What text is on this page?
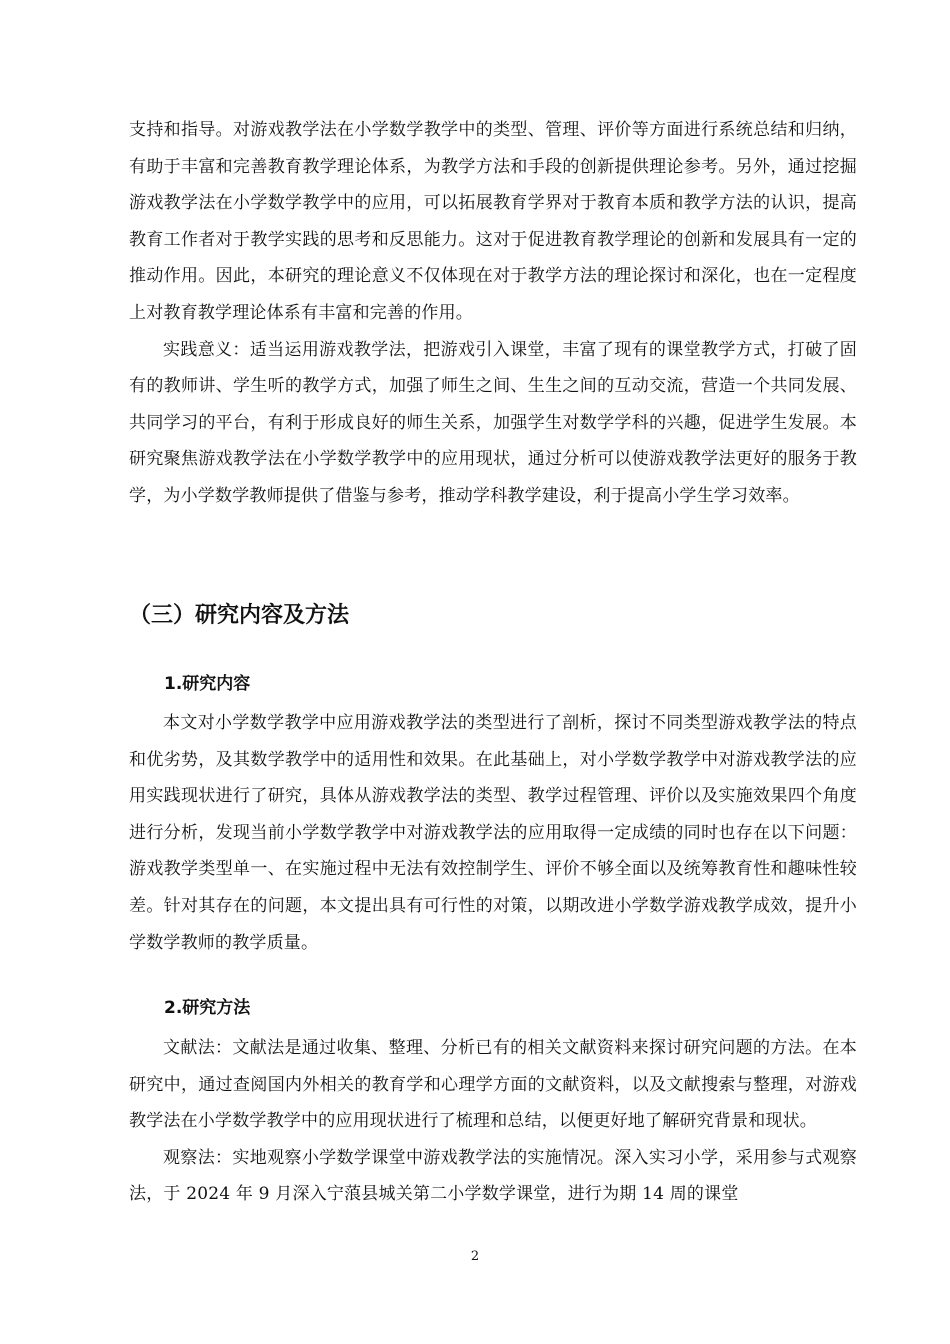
支持和指导。对游戏教学法在小学数学教学中的类型、管理、评价等方面进行系统总结和归纳，有助于丰富和完善教育教学理论体系，为教学方法和手段的创新提供理论参考。另外，通过挖掘游戏教学法在小学数学教学中的应用，可以拓展教育学界对于教育本质和教学方法的认识，提高教育工作者对于教学实践的思考和反思能力。这对于促进教育教学理论的创新和发展具有一定的推动作用。因此，本研究的理论意义不仅体现在对于教学方法的理论探讨和深化，也在一定程度上对教育教学理论体系有丰富和完善的作用。

实践意义：适当运用游戏教学法，把游戏引入课堂，丰富了现有的课堂教学方式，打破了固有的教师讲、学生听的教学方式，加强了师生之间、生生之间的互动交流，营造一个共同发展、共同学习的平台，有利于形成良好的师生关系，加强学生对数学学科的兴趣，促进学生发展。本研究聚焦游戏教学法在小学数学教学中的应用现状，通过分析可以使游戏教学法更好的服务于教学，为小学数学教师提供了借鉴与参考，推动学科教学建设，利于提高小学生学习效率。

（三）研究内容及方法
1.研究内容

本文对小学数学教学中应用游戏教学法的类型进行了剖析，探讨不同类型游戏教学法的特点和优劣势，及其数学教学中的适用性和效果。在此基础上，对小学数学教学中对游戏教学法的应用实践现状进行了研究，具体从游戏教学法的类型、教学过程管理、评价以及实施效果四个角度进行分析，发现当前小学数学教学中对游戏教学法的应用取得一定成绩的同时也存在以下问题：游戏教学类型单一、在实施过程中无法有效控制学生、评价不够全面以及统筹教育性和趣味性较差。针对其存在的问题，本文提出具有可行性的对策，以期改进小学数学游戏教学成效，提升小学数学教师的教学质量。

2.研究方法

文献法：文献法是通过收集、整理、分析已有的相关文献资料来探讨研究问题的方法。在本研究中，通过查阅国内外相关的教育学和心理学方面的文献资料，以及文献搜索与整理，对游戏教学法在小学数学教学中的应用现状进行了梳理和总结，以便更好地了解研究背景和现状。

观察法：实地观察小学数学课堂中游戏教学法的实施情况。深入实习小学，采用参与式观察法，于 2024 年 9 月深入宁蒗县城关第二小学数学课堂，进行为期 14 周的课堂

2
